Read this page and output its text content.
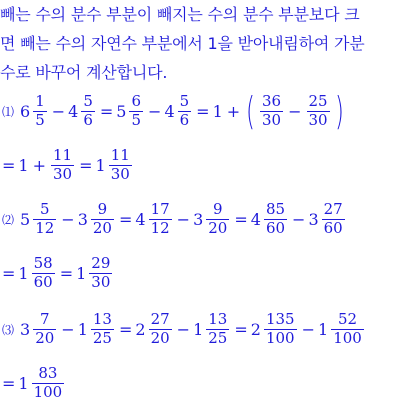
빼는 수의 분수 부분이 빼지는 수의 분수 부분보다 크
면 빼는 수의 자연수 부분에서 1을 받아내림하여 가분
수로 바꾸어 계산합니다.
⑴ $6 \frac{1}{5} - 4 \frac{5}{6} = 5 \frac{6}{5} - 4 \frac{5}{6} = 1$ + ( $\frac{36}{30} - \frac{25}{30}$ )
= $1 + \frac{11}{30} = 1 \frac{11}{30}$
⑵ $5 \frac{5}{12} - 3 \frac{9}{20} = 4 \frac{17}{12} - 3 \frac{9}{20} = 4 \frac{85}{60} - 3 \frac{27}{60}$
= $1 \frac{58}{60} = 1 \frac{29}{30}$
⑶ $3 \frac{7}{20} - 1 \frac{13}{25} = 2 \frac{27}{20} - 1 \frac{13}{25} = 2 \frac{135}{100} - 1 \frac{52}{100}$
= $1 \frac{83}{100}$
